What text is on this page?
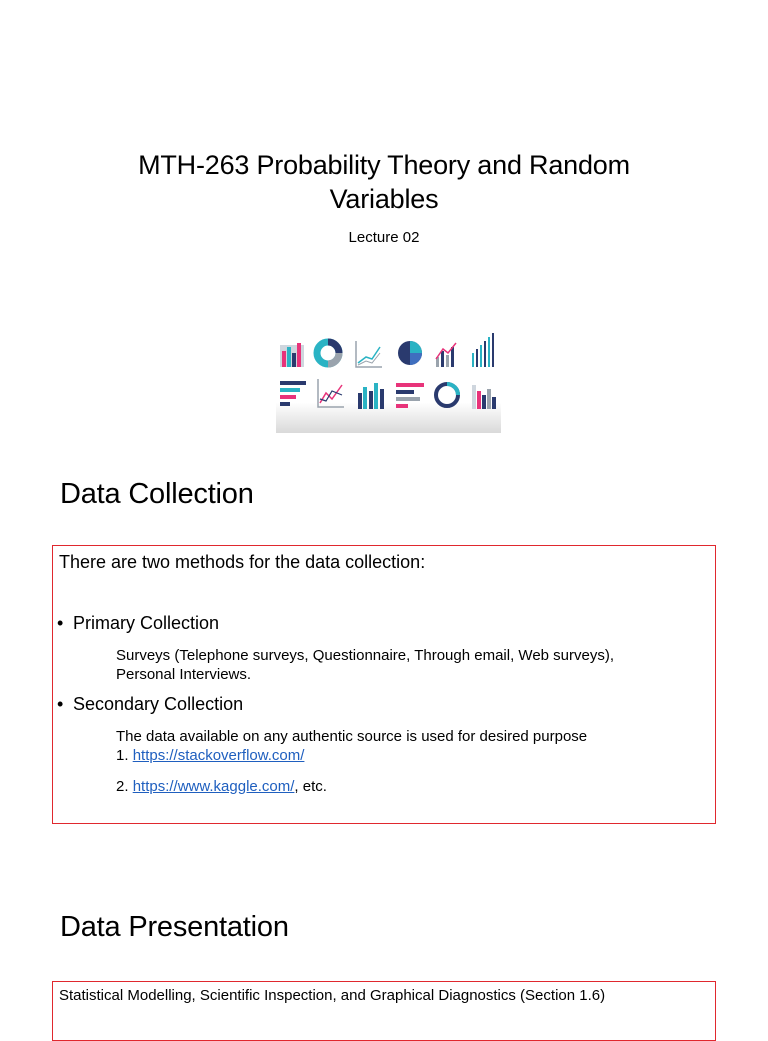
MTH-263 Probability Theory and Random
Variables

Lecture 02

Data Collection
There are two methods for the data collection:
• Primary Collection
Surveys (Telephone surveys, Questionnaire, Through email, Web surveys),
Personal Interviews.
• Secondary Collection
The data available on any authentic source is used for desired purpose
1. https://stackoverflow.com/
2. https://www.kaggle.com/, etc.
Data Presentation
Statistical Modelling, Scientific Inspection, and Graphical Diagnostics (Section 1.6)
